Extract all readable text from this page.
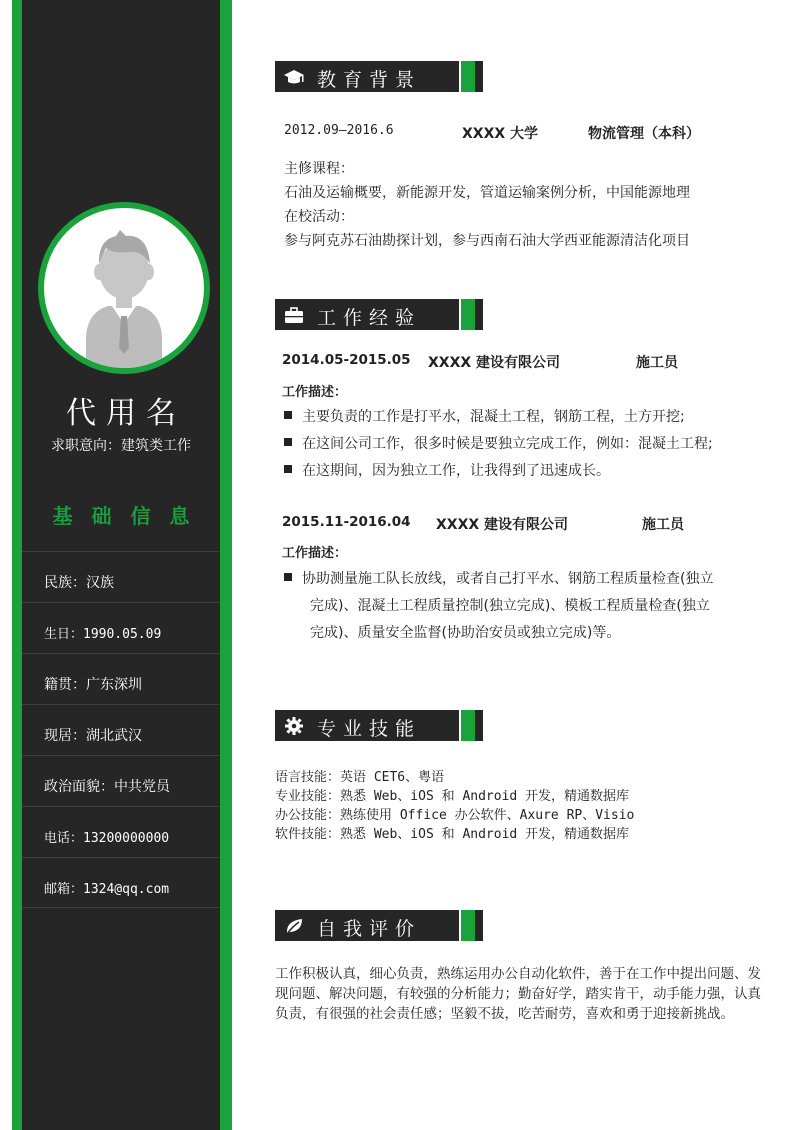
代用名
求职意向：建筑类工作
基 础 信 息
民族：汉族
生日：1990.05.09
籍贯：广东深圳
现居：湖北武汉
政治面貌：中共党员
电话：13200000000
邮箱：1324@qq.com
教育背景
2012.09—2016.6	XXXX 大学	物流管理（本科）
主修课程：
石油及运输概要，新能源开发，管道运输案例分析，中国能源地理
在校活动：
参与阿克苏石油勘探计划，参与西南石油大学西亚能源清洁化项目
工作经验
2014.05-2015.05 XXXX 建设有限公司	施工员
工作描述：
主要负责的工作是打平水，混凝土工程，钢筋工程，土方开挖;
在这间公司工作，很多时候是要独立完成工作，例如：混凝土工程;
在这期间，因为独立工作，让我得到了迅速成长。
2015.11-2016.04 XXXX 建设有限公司	施工员
工作描述：
协助测量施工队长放线，或者自己打平水、钢筋工程质量检查(独立
完成)、混凝土工程质量控制(独立完成)、模板工程质量检查(独立
完成)、质量安全监督(协助治安员或独立完成)等。
专业技能
语言技能：英语 CET6、粤语
专业技能：熟悉 Web、iOS 和 Android 开发，精通数据库
办公技能：熟练使用 Office 办公软件、Axure RP、Visio
软件技能：熟悉 Web、iOS 和 Android 开发，精通数据库
自我评价
工作积极认真，细心负责，熟练运用办公自动化软件，善于在工作中提出问题、发现问题、解决问题，有较强的分析能力；勤奋好学，踏实肯干，动手能力强，认真负责，有很强的社会责任感；坚毅不拔，吃苦耐劳，喜欢和勇于迎接新挑战。
